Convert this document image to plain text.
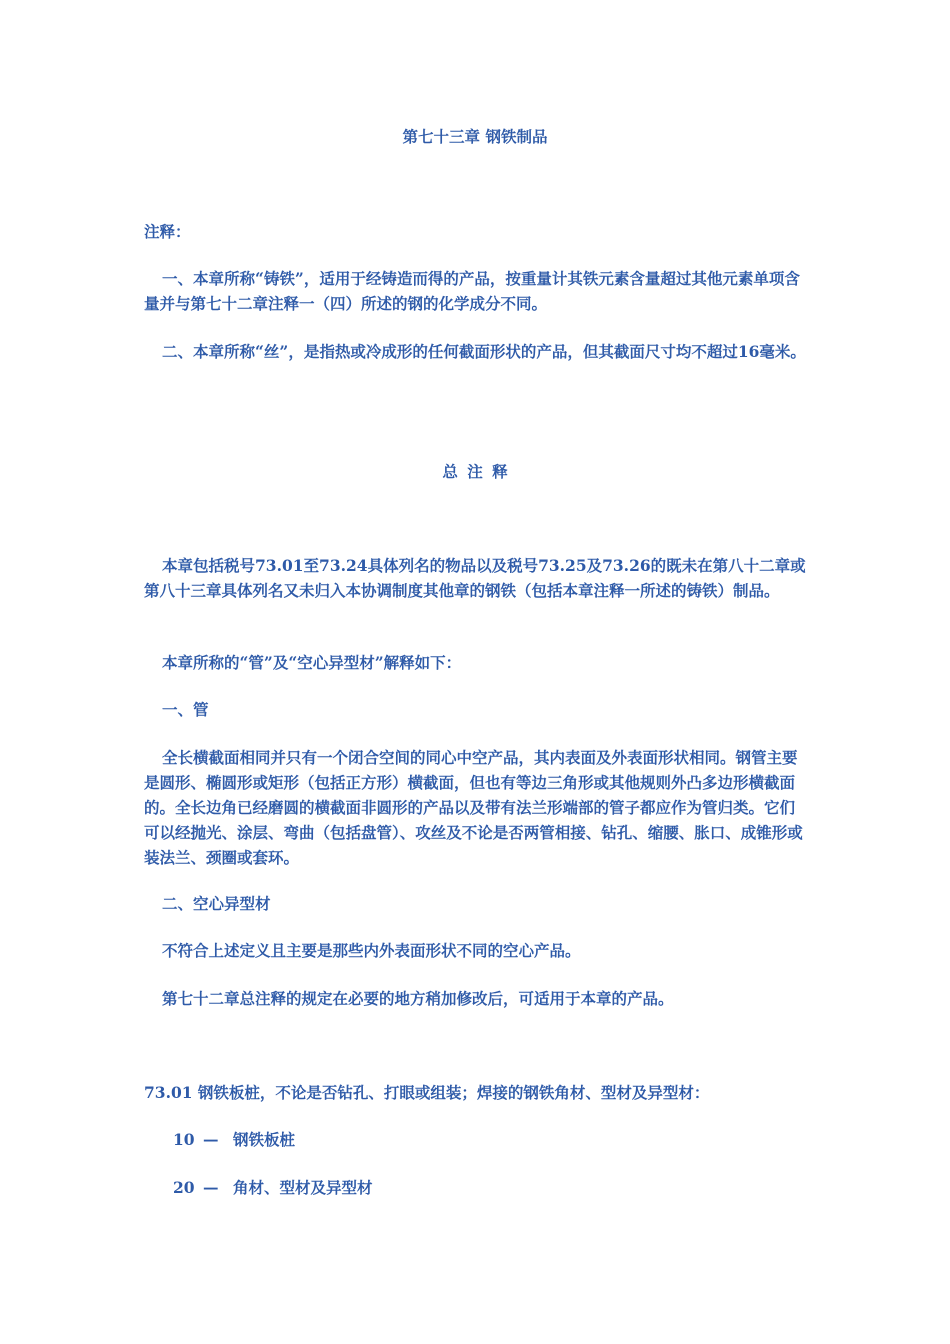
第七十三章 钢铁制品

注释：

一、本章所称“铸铁”，适用于经铸造而得的产品，按重量计其铁元素含量超过其他元素单项含量并与第七十二章注释一（四）所述的钢的化学成分不同。

二、本章所称“丝”，是指热或冷成形的任何截面形状的产品，但其截面尺寸均不超过16毫米。

总 注 释

本章包括税号73.01至73.24具体列名的物品以及税号73.25及73.26的既未在第八十二章或第八十三章具体列名又未归入本协调制度其他章的钢铁（包括本章注释一所述的铸铁）制品。

本章所称的“管”及“空心异型材”解释如下：

一、管

全长横截面相同并只有一个闭合空间的同心中空产品，其内表面及外表面形状相同。钢管主要是圆形、椭圆形或矩形（包括正方形）横截面，但也有等边三角形或其他规则外凸多边形横截面的。全长边角已经磨圆的横截面非圆形的产品以及带有法兰形端部的管子都应作为管归类。它们可以经抛光、涂层、弯曲（包括盘管）、攻丝及不论是否两管相接、钻孔、缩腰、胀口、成锥形或装法兰、颈圈或套环。

二、空心异型材

不符合上述定义且主要是那些内外表面形状不同的空心产品。

第七十二章总注释的规定在必要的地方稍加修改后，可适用于本章的产品。

73.01 钢铁板桩，不论是否钻孔、打眼或组装；焊接的钢铁角材、型材及异型材：

10 — 钢铁板桩

20 — 角材、型材及异型材
